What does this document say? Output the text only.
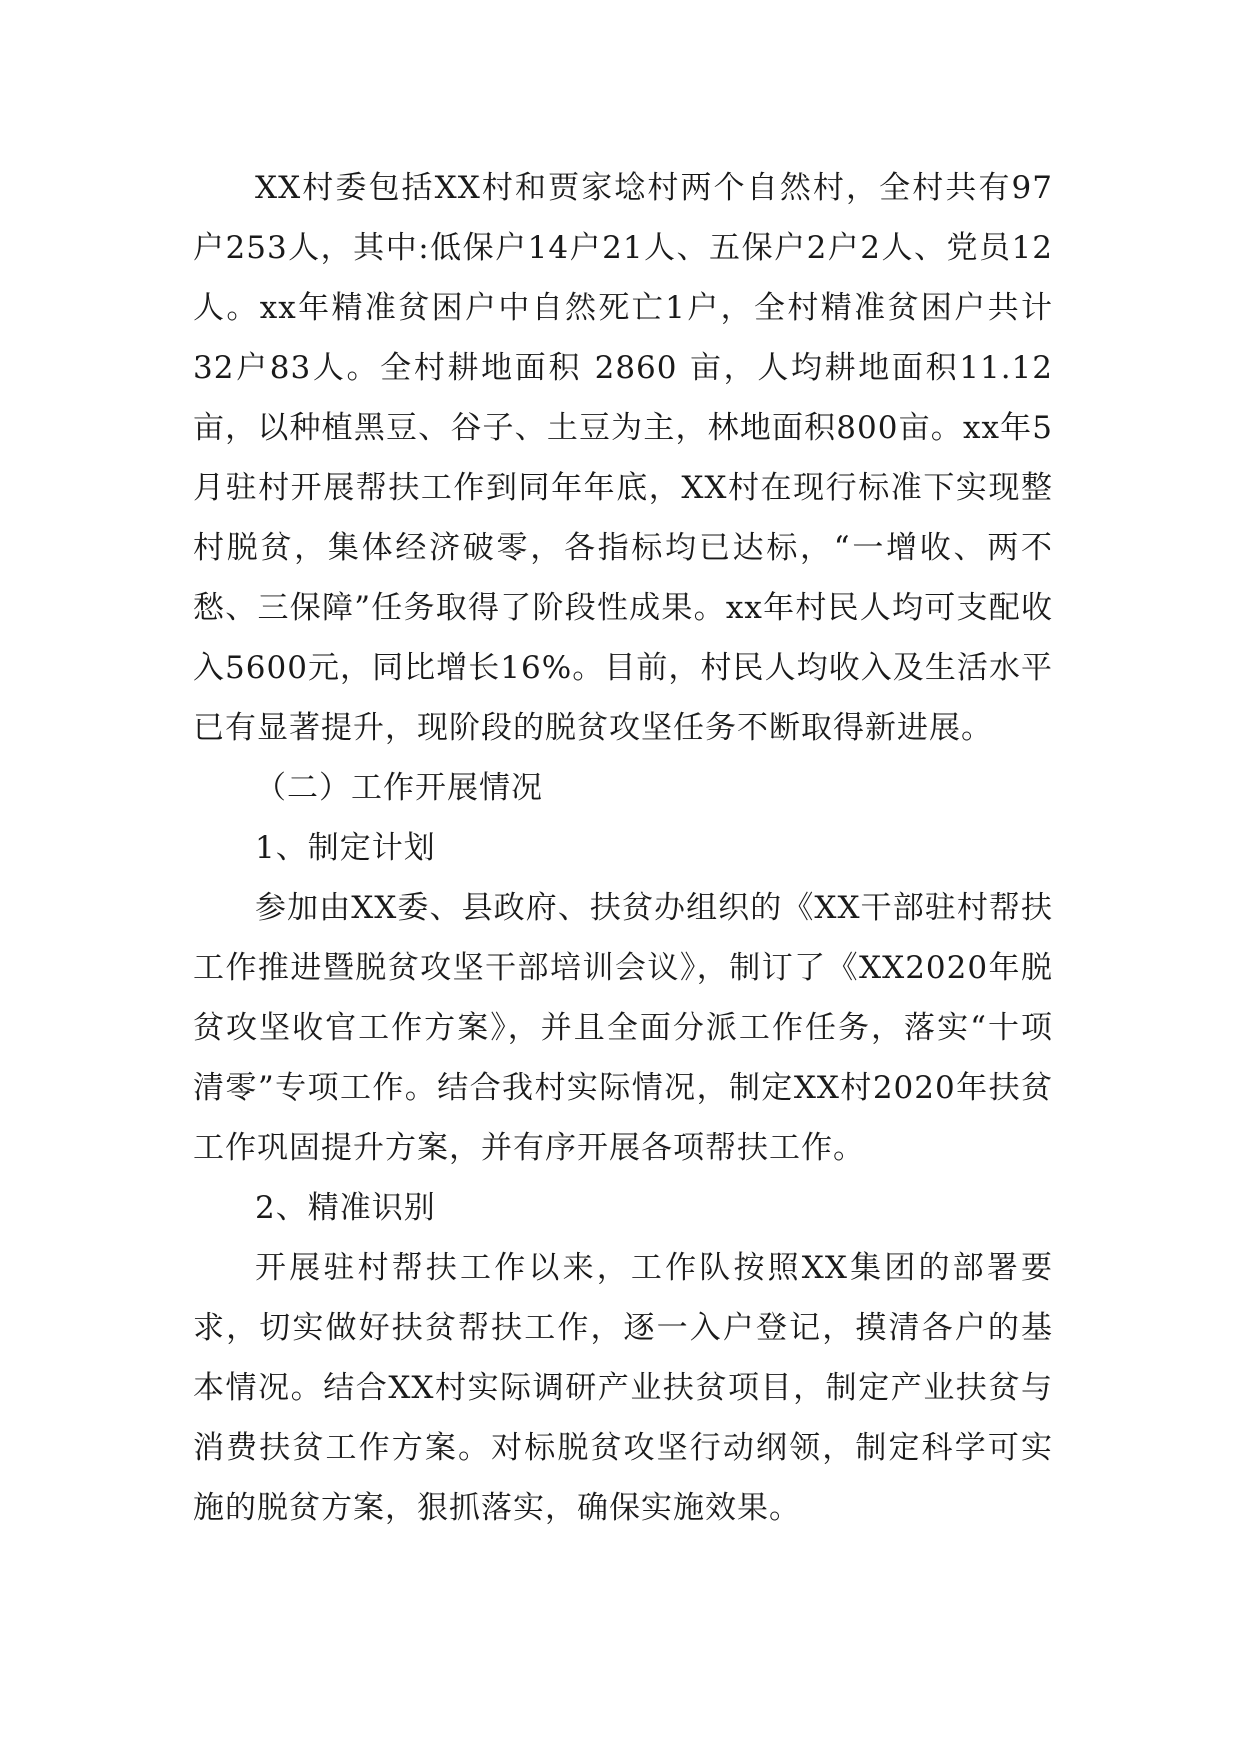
XX村委包括XX村和贾家埝村两个自然村，全村共有97户253人，其中:低保户14户21人、五保户2户2人、党员12人。xx年精准贫困户中自然死亡1户，全村精准贫困户共计32户83人。全村耕地面积 2860 亩，人均耕地面积11.12亩，以种植黑豆、谷子、土豆为主，林地面积800亩。xx年5月驻村开展帮扶工作到同年年底，XX村在现行标准下实现整村脱贫，集体经济破零，各指标均已达标，“一增收、两不愁、三保障”任务取得了阶段性成果。xx年村民人均可支配收入5600元，同比增长16%。目前，村民人均收入及生活水平已有显著提升，现阶段的脱贫攻坚任务不断取得新进展。

（二）工作开展情况

1、制定计划

参加由XX委、县政府、扶贫办组织的《XX干部驻村帮扶工作推进暨脱贫攻坚干部培训会议》，制订了《XX2020年脱贫攻坚收官工作方案》，并且全面分派工作任务，落实“十项清零”专项工作。结合我村实际情况，制定XX村2020年扶贫工作巩固提升方案，并有序开展各项帮扶工作。

2、精准识别

开展驻村帮扶工作以来，工作队按照XX集团的部署要求，切实做好扶贫帮扶工作，逐一入户登记，摸清各户的基本情况。结合XX村实际调研产业扶贫项目，制定产业扶贫与消费扶贫工作方案。对标脱贫攻坚行动纲领，制定科学可实施的脱贫方案，狠抓落实，确保实施效果。
